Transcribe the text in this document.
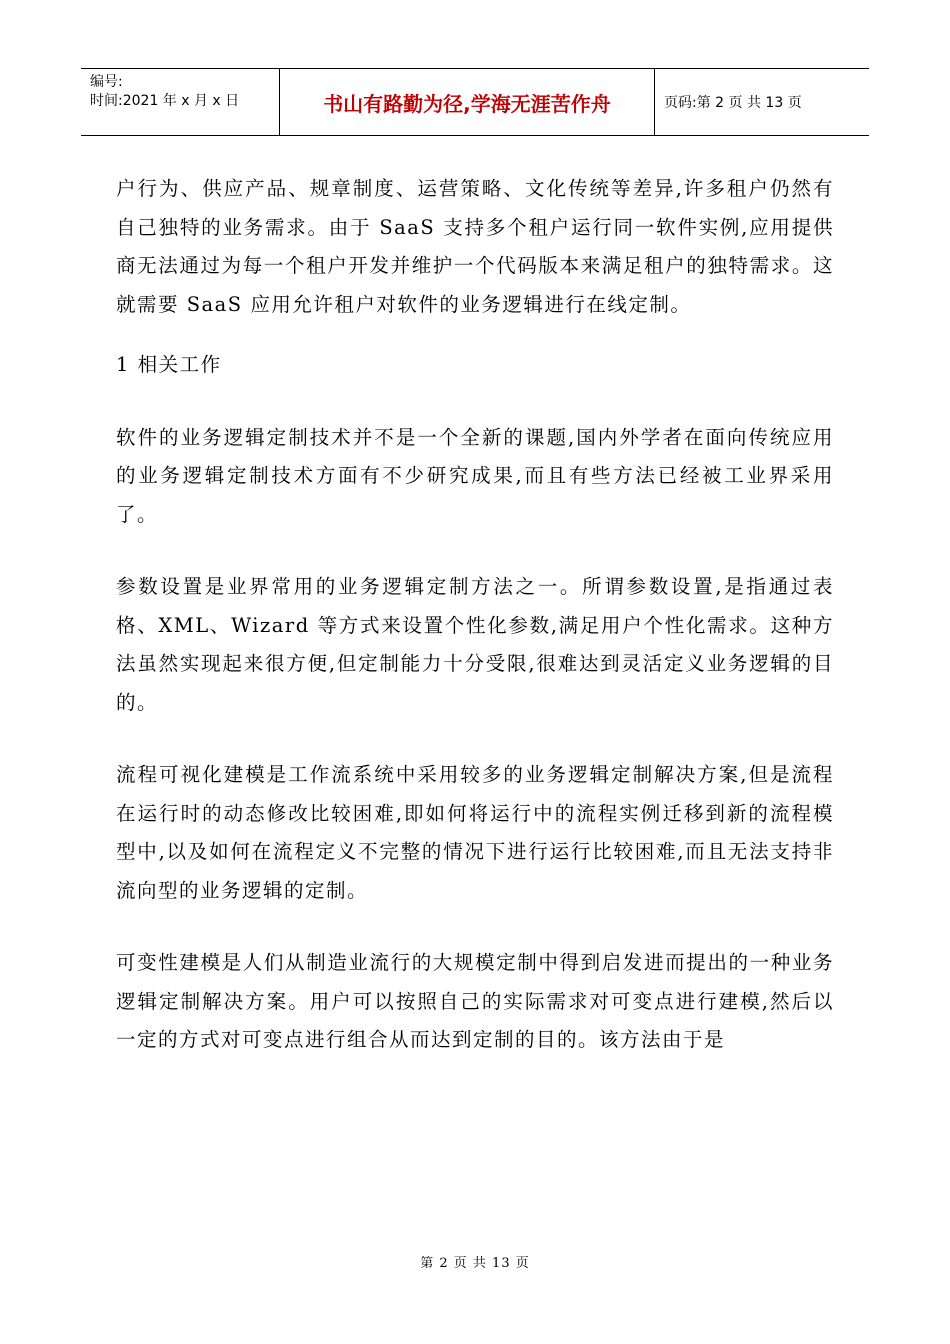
编号:
时间:2021 年 x 月 x 日	书山有路勤为径,学海无涯苦作舟	页码:第 2 页 共 13 页

户行为、供应产品、规章制度、运营策略、文化传统等差异,许多租户仍然有自己独特的业务需求。由于 SaaS 支持多个租户运行同一软件实例,应用提供商无法通过为每一个租户开发并维护一个代码版本来满足租户的独特需求。这就需要 SaaS 应用允许租户对软件的业务逻辑进行在线定制。

1 相关工作

软件的业务逻辑定制技术并不是一个全新的课题,国内外学者在面向传统应用的业务逻辑定制技术方面有不少研究成果,而且有些方法已经被工业界采用了。

参数设置是业界常用的业务逻辑定制方法之一。所谓参数设置,是指通过表格、XML、Wizard 等方式来设置个性化参数,满足用户个性化需求。这种方法虽然实现起来很方便,但定制能力十分受限,很难达到灵活定义业务逻辑的目的。

流程可视化建模是工作流系统中采用较多的业务逻辑定制解决方案,但是流程在运行时的动态修改比较困难,即如何将运行中的流程实例迁移到新的流程模型中,以及如何在流程定义不完整的情况下进行运行比较困难,而且无法支持非流向型的业务逻辑的定制。

可变性建模是人们从制造业流行的大规模定制中得到启发进而提出的一种业务逻辑定制解决方案。用户可以按照自己的实际需求对可变点进行建模,然后以一定的方式对可变点进行组合从而达到定制的目的。该方法由于是

第 2 页 共 13 页
